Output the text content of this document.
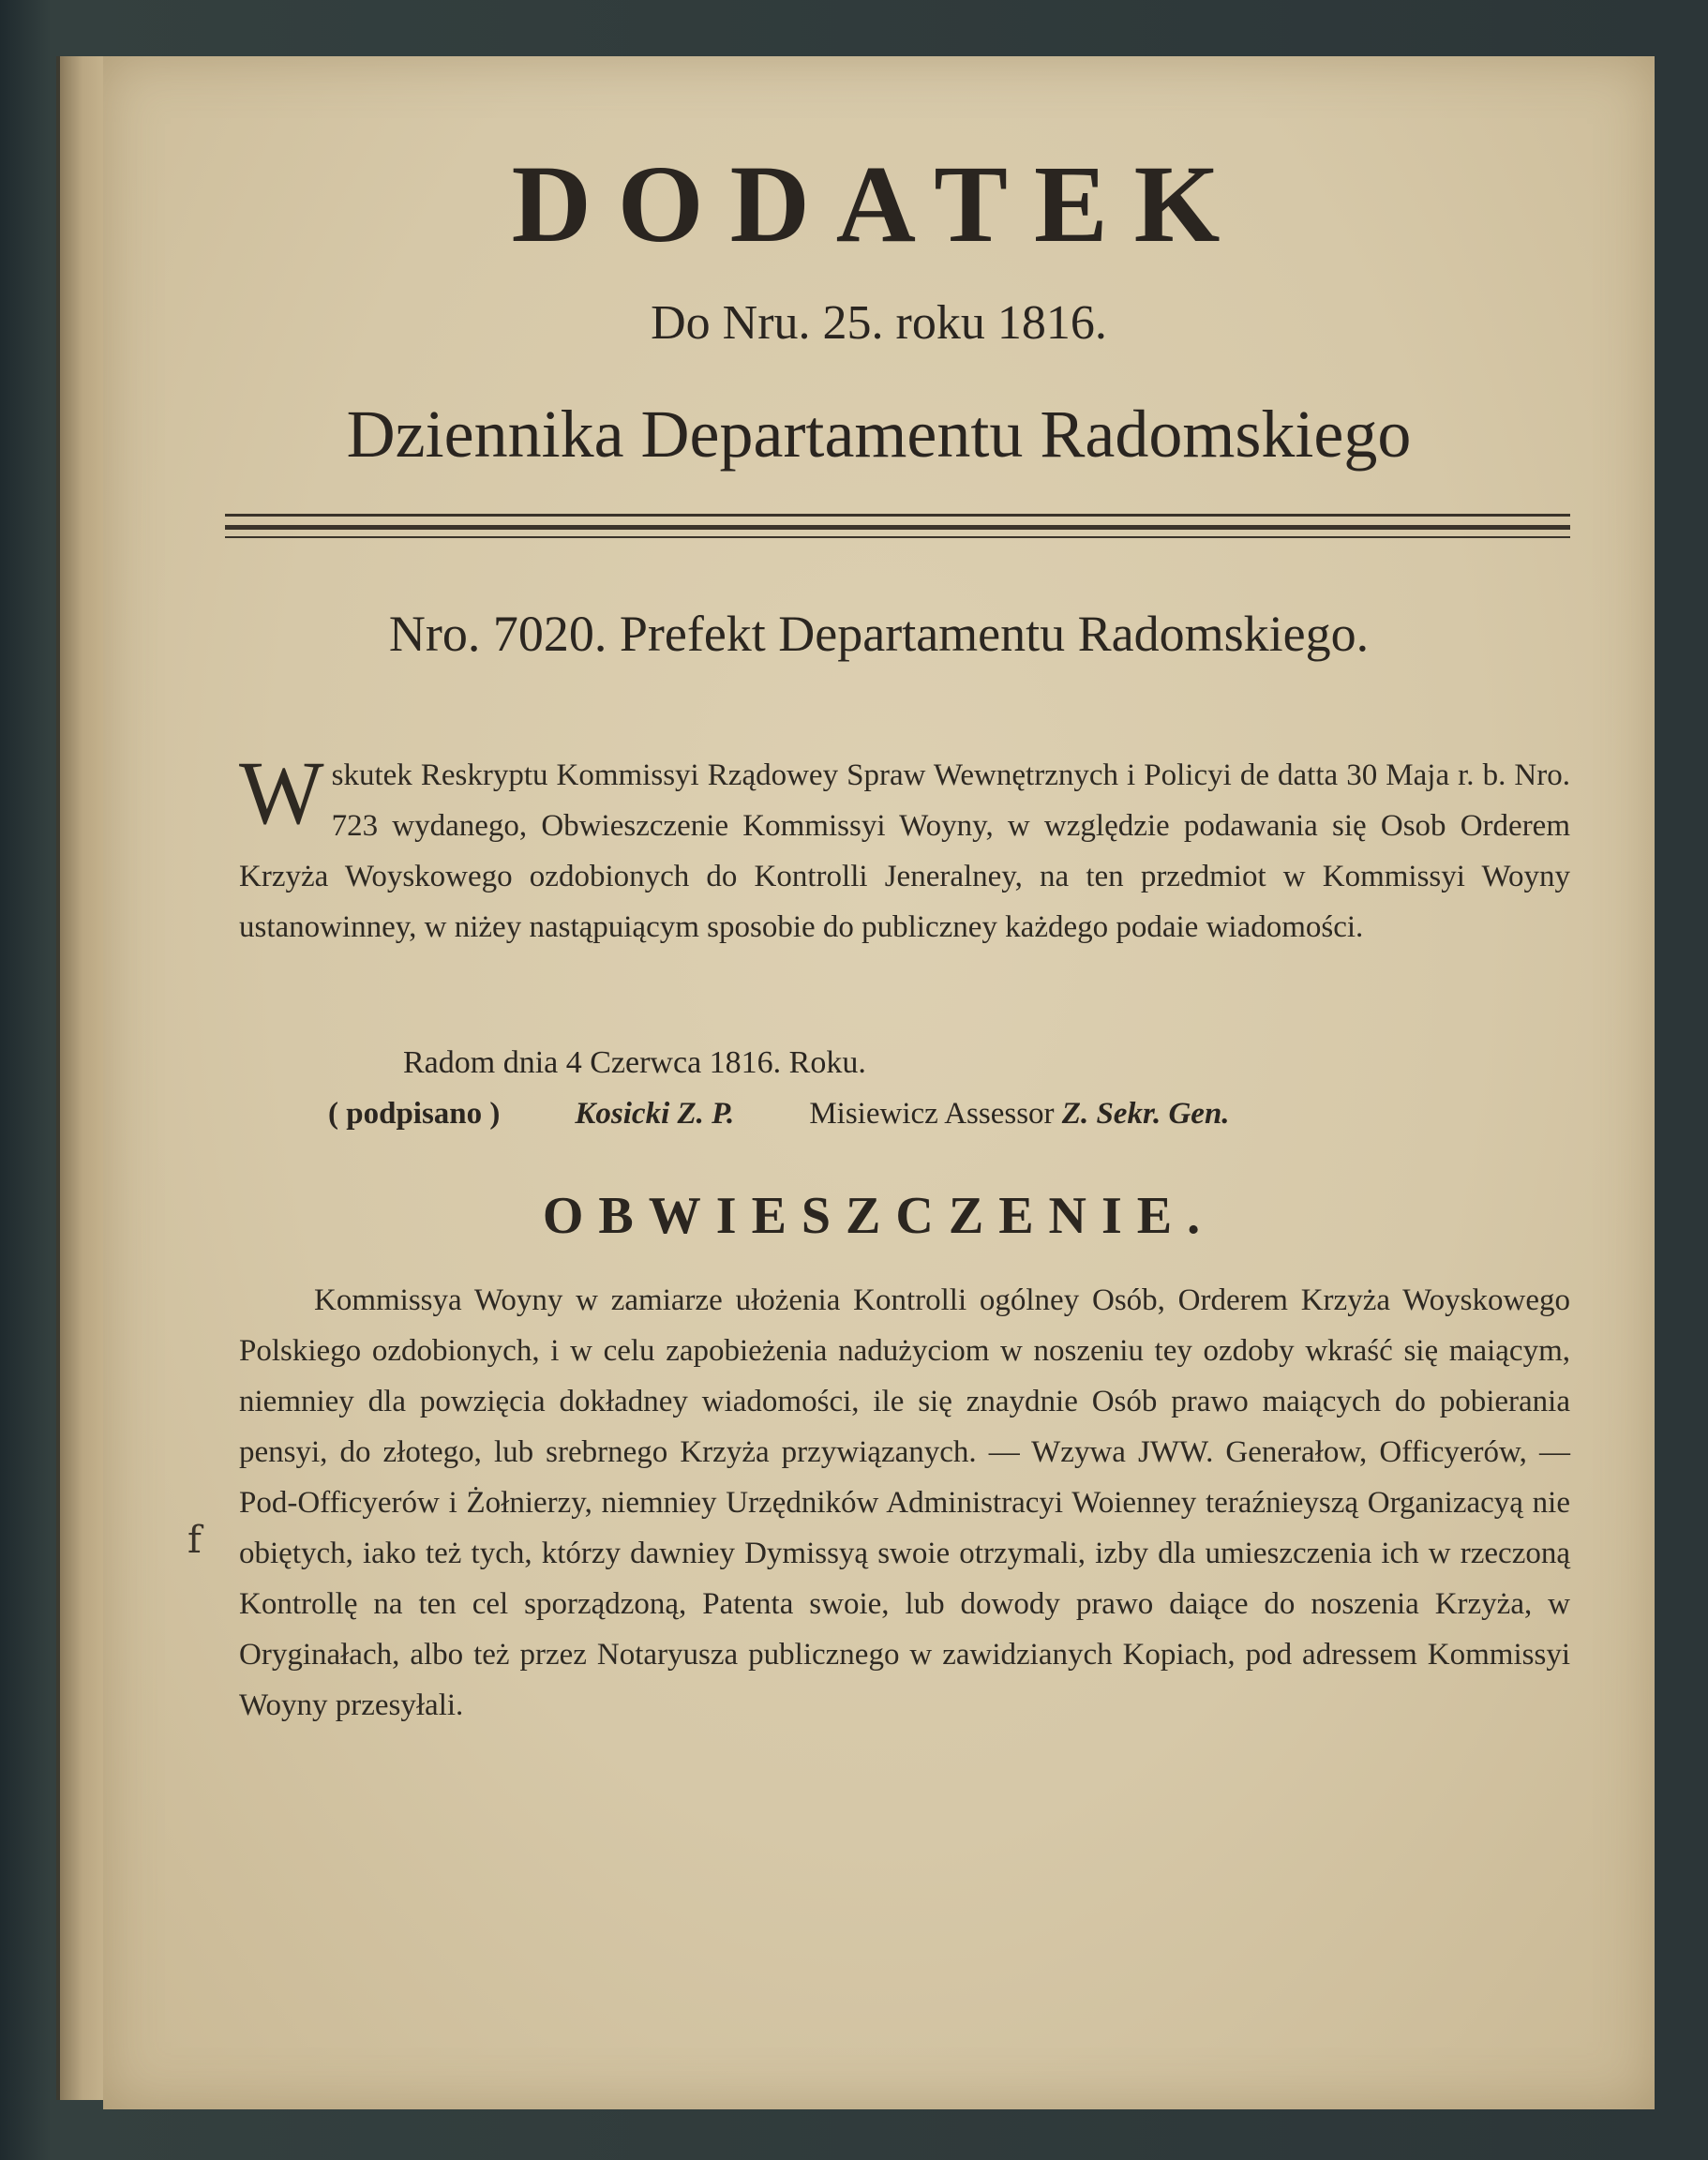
DODATEK

Do Nru. 25. roku 1816.

Dziennika Departamentu Radomskiego

Nro. 7020. Prefekt Departamentu Radomskiego.

W skutek Reskryptu Kommissyi Rządowey Spraw Wewnętrznych i Policyi de datta 30 Maja r. b. Nro. 723 wydanego, Obwieszczenie Kommissyi Woyny, w względzie podawania się Osob Orderem Krzyża Woyskowego ozdobionych do Kontrolli Jeneralney, na ten przedmiot w Kommissyi Woyny ustanowinney, w niżey nastąpuiącym sposobie do publiczney każdego podaie wiadomości.
Radom dnia 4 Czerwca 1816. Roku.
( podpisano ) Kosicki Z. P. Misiewicz Assessor Z. Sekr. Gen.
OBWIESZCZENIE.
Kommissya Woyny w zamiarze ułożenia Kontrolli ogólney Osób, Orderem Krzyża Woyskowego Polskiego ozdobionych, i w celu zapobieżenia nadużyciom w noszeniu tey ozdoby wkraść się maiącym, niemniey dla powzięcia dokładney wiadomości, ile się znaydnie Osób prawo maiących do pobierania pensyi, do złotego, lub srebrnego Krzyża przywiązanych. — Wzywa JWW. Generałow, Officyerów, — Pod-Officyerów i Żołnierzy, niemniey Urzędników Administracyi Woienney teraźnieyszą Organizacyą nie obiętych, iako też tych, którzy dawniey Dymissyą swoie otrzymali, izby dla umieszczenia ich w rzeczoną Kontrollę na ten cel sporządzoną, Patenta swoie, lub dowody prawo daiące do noszenia Krzyża, w Oryginałach, albo też przez Notaryusza publicznego w zawidzianych Kopiach, pod adressem Kommissyi Woyny przesyłali.
f
